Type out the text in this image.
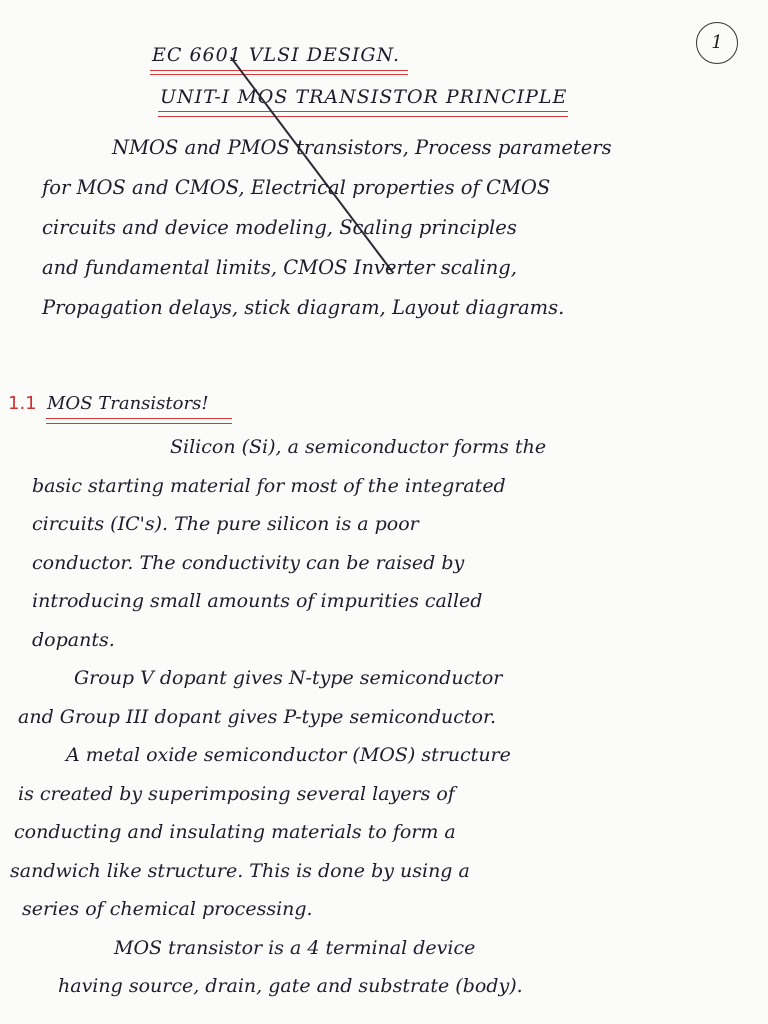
1
EC 6601 VLSI DESIGN.
UNIT-I MOS TRANSISTOR PRINCIPLE
NMOS and PMOS transistors, Process parameters
for MOS and CMOS, Electrical properties of CMOS
circuits and device modeling, Scaling principles
and fundamental limits, CMOS Inverter scaling,
Propagation delays, stick diagram, Layout diagrams.
1.1 MOS Transistors!
Silicon (Si), a semiconductor forms the
basic starting material for most of the integrated
circuits (IC's). The pure silicon is a poor
conductor. The conductivity can be raised by
introducing small amounts of impurities called
dopants.
Group V dopant gives N-type semiconductor
and Group III dopant gives P-type semiconductor.
A metal oxide semiconductor (MOS) structure
is created by superimposing several layers of
conducting and insulating materials to form a
sandwich like structure. This is done by using a
series of chemical processing.
MOS transistor is a 4 terminal device
having source, drain, gate and substrate (body).
